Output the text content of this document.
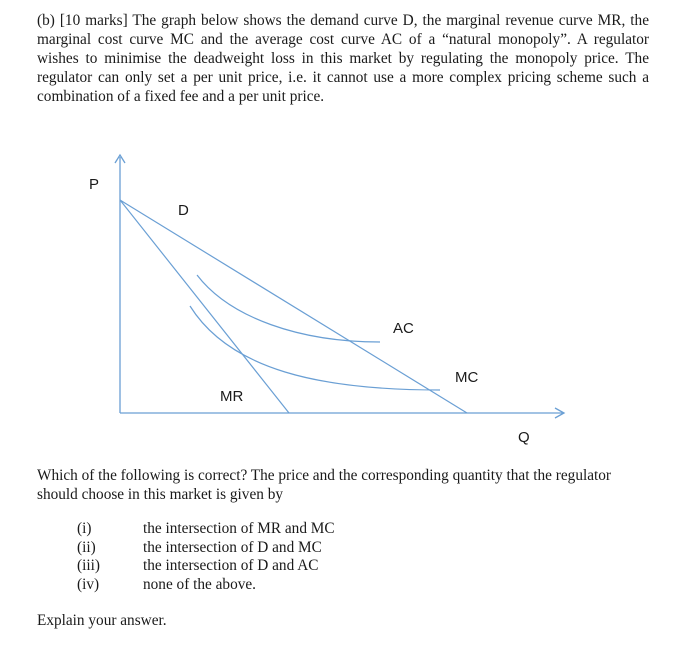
(b) [10 marks] The graph below shows the demand curve D, the marginal revenue curve MR, the marginal cost curve MC and the average cost curve AC of a “natural monopoly”. A regulator wishes to minimise the deadweight loss in this market by regulating the monopoly price. The regulator can only set a per unit price, i.e. it cannot use a more complex pricing scheme such a combination of a fixed fee and a per unit price.

P
Q
D
MR
AC
MC

Which of the following is correct? The price and the corresponding quantity that the regulator should choose in this market is given by

(i)	the intersection of MR and MC
(ii)	the intersection of D and MC
(iii)	the intersection of D and AC
(iv)	none of the above.
Explain your answer.
